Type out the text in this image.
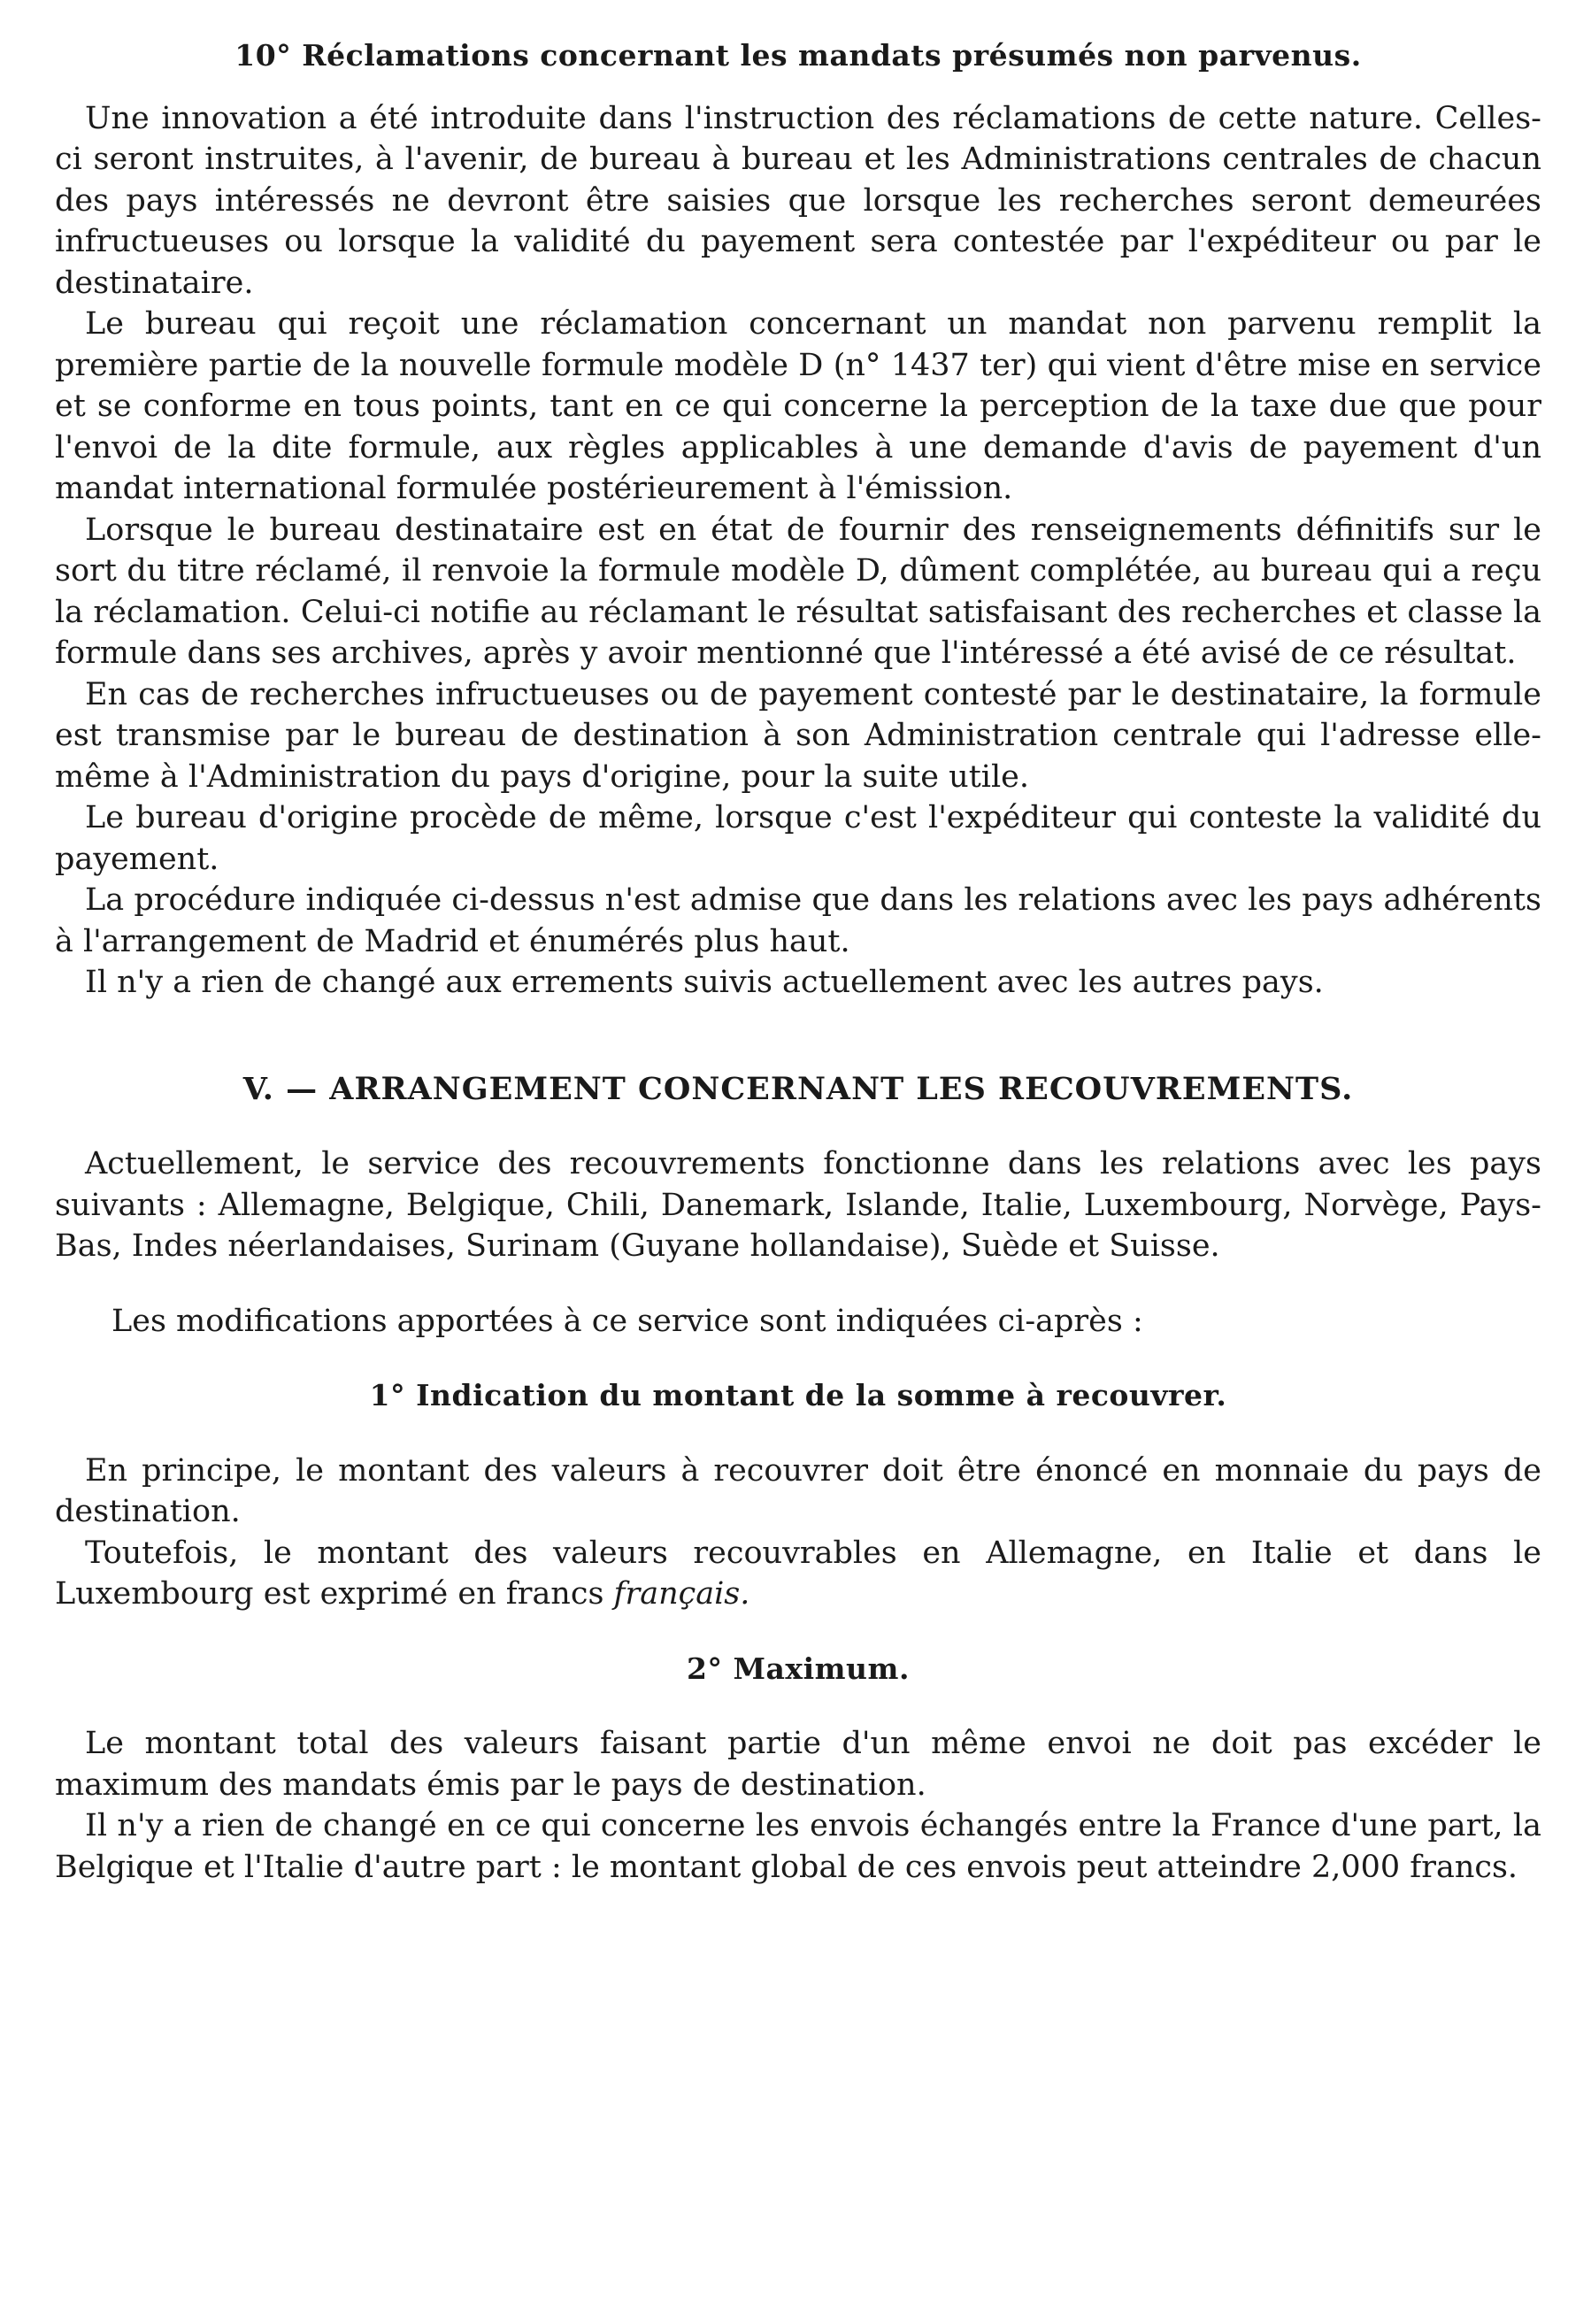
10° Réclamations concernant les mandats présumés non parvenus.

Une innovation a été introduite dans l'instruction des réclamations de cette nature. Celles-ci seront instruites, à l'avenir, de bureau à bureau et les Administrations centrales de chacun des pays intéressés ne devront être saisies que lorsque les recherches seront demeurées infructueuses ou lorsque la validité du payement sera contestée par l'expéditeur ou par le destinataire.

Le bureau qui reçoit une réclamation concernant un mandat non parvenu remplit la première partie de la nouvelle formule modèle D (n° 1437 ter) qui vient d'être mise en service et se conforme en tous points, tant en ce qui concerne la perception de la taxe due que pour l'envoi de la dite formule, aux règles applicables à une demande d'avis de payement d'un mandat international formulée postérieurement à l'émission.

Lorsque le bureau destinataire est en état de fournir des renseignements définitifs sur le sort du titre réclamé, il renvoie la formule modèle D, dûment complétée, au bureau qui a reçu la réclamation. Celui-ci notifie au réclamant le résultat satisfaisant des recherches et classe la formule dans ses archives, après y avoir mentionné que l'intéressé a été avisé de ce résultat.

En cas de recherches infructueuses ou de payement contesté par le destinataire, la formule est transmise par le bureau de destination à son Administration centrale qui l'adresse elle-même à l'Administration du pays d'origine, pour la suite utile.

Le bureau d'origine procède de même, lorsque c'est l'expéditeur qui conteste la validité du payement.

La procédure indiquée ci-dessus n'est admise que dans les relations avec les pays adhérents à l'arrangement de Madrid et énumérés plus haut.

Il n'y a rien de changé aux errements suivis actuellement avec les autres pays.

V. — ARRANGEMENT CONCERNANT LES RECOUVREMENTS.

Actuellement, le service des recouvrements fonctionne dans les relations avec les pays suivants : Allemagne, Belgique, Chili, Danemark, Islande, Italie, Luxembourg, Norvège, Pays-Bas, Indes néerlandaises, Surinam (Guyane hollandaise), Suède et Suisse.

Les modifications apportées à ce service sont indiquées ci-après :

1° Indication du montant de la somme à recouvrer.

En principe, le montant des valeurs à recouvrer doit être énoncé en monnaie du pays de destination.

Toutefois, le montant des valeurs recouvrables en Allemagne, en Italie et dans le Luxembourg est exprimé en francs français.

2° Maximum.

Le montant total des valeurs faisant partie d'un même envoi ne doit pas excéder le maximum des mandats émis par le pays de destination.

Il n'y a rien de changé en ce qui concerne les envois échangés entre la France d'une part, la Belgique et l'Italie d'autre part : le montant global de ces envois peut atteindre 2,000 francs.
